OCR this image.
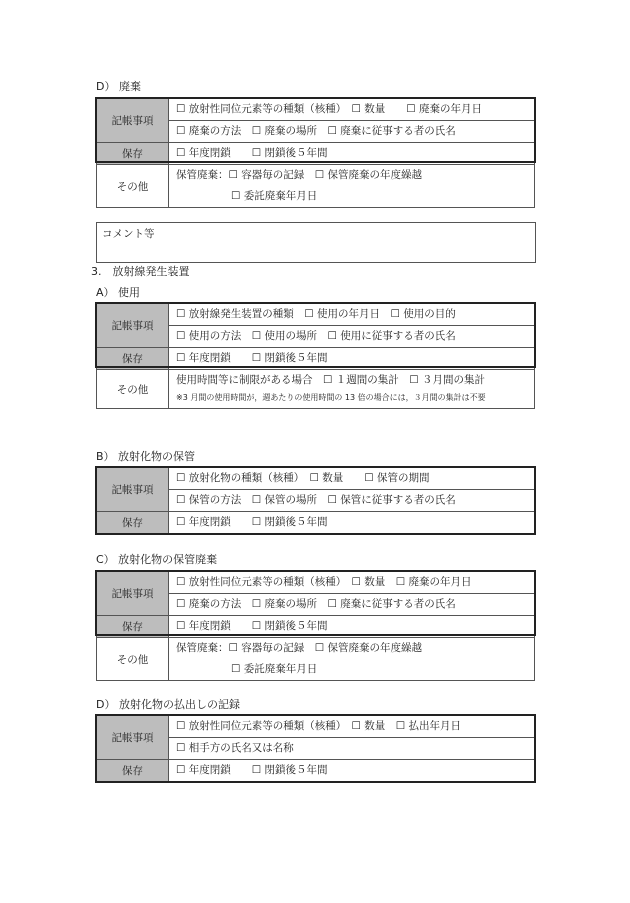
D） 廃棄
記帳事項	☐ 放射性同位元素等の種類（核種）　☐ 数量　　☐ 廃棄の年月日

	☐ 廃棄の方法　☐ 廃棄の場所　☐ 廃棄に従事する者の氏名

保存	☐ 年度閉鎖　　☐ 閉鎖後５年間

その他	保管廃棄：☐ 容器毎の記録　☐ 保管廃棄の年度繰越
☐ 委託廃棄年月日
コメント等
3.　放射線発生装置
A） 使用
記帳事項	☐ 放射線発生装置の種類　☐ 使用の年月日　☐ 使用の目的

	☐ 使用の方法　☐ 使用の場所　☐ 使用に従事する者の氏名

保存	☐ 年度閉鎖　　☐ 閉鎖後５年間

その他	使用時間等に制限がある場合　☐ １週間の集計　☐ ３月間の集計
※3 月間の使用時間が，週あたりの使用時間の 13 倍の場合には，３月間の集計は不要
B） 放射化物の保管
記帳事項	☐ 放射化物の種類（核種）　☐ 数量　　☐ 保管の期間

	☐ 保管の方法　☐ 保管の場所　☐ 保管に従事する者の氏名

保存	☐ 年度閉鎖　　☐ 閉鎖後５年間
C） 放射化物の保管廃棄
記帳事項	☐ 放射性同位元素等の種類（核種）　☐ 数量　☐ 廃棄の年月日

	☐ 廃棄の方法　☐ 廃棄の場所　☐ 廃棄に従事する者の氏名

保存	☐ 年度閉鎖　　☐ 閉鎖後５年間

その他	保管廃棄：☐ 容器毎の記録　☐ 保管廃棄の年度繰越
☐ 委託廃棄年月日
D） 放射化物の払出しの記録
記帳事項	☐ 放射性同位元素等の種類（核種）　☐ 数量　☐ 払出年月日

	☐ 相手方の氏名又は名称

保存	☐ 年度閉鎖　　☐ 閉鎖後５年間
